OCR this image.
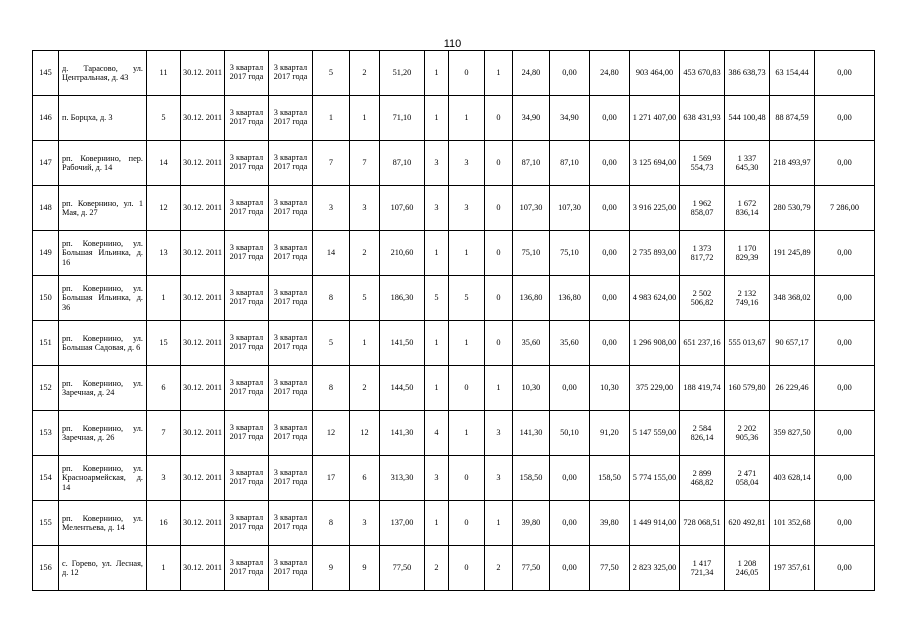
110
145	д. Тарасово, ул. Центральная, д. 43	11	30.12. 2011	3 квартал 2017 года	3 квартал 2017 года	5	2	51,20	1	0	1	24,80	0,00	24,80	903 464,00	453 670,83	386 638,73	63 154,44	0,00
146	п. Борцха, д. 3	5	30.12. 2011	3 квартал 2017 года	3 квартал 2017 года	1	1	71,10	1	1	0	34,90	34,90	0,00	1 271 407,00	638 431,93	544 100,48	88 874,59	0,00
147	рп. Ковернино, пер. Рабочий, д. 14	14	30.12. 2011	3 квартал 2017 года	3 квартал 2017 года	7	7	87,10	3	3	0	87,10	87,10	0,00	3 125 694,00	1 569 554,73	1 337 645,30	218 493,97	0,00
148	рп. Ковернино, ул. 1 Мая, д. 27	12	30.12. 2011	3 квартал 2017 года	3 квартал 2017 года	3	3	107,60	3	3	0	107,30	107,30	0,00	3 916 225,00	1 962 858,07	1 672 836,14	280 530,79	7 286,00
149	рп. Ковернино, ул. Большая Ильинка, д. 16	13	30.12. 2011	3 квартал 2017 года	3 квартал 2017 года	14	2	210,60	1	1	0	75,10	75,10	0,00	2 735 893,00	1 373 817,72	1 170 829,39	191 245,89	0,00
150	рп. Ковернино, ул. Большая Ильинка, д. 36	1	30.12. 2011	3 квартал 2017 года	3 квартал 2017 года	8	5	186,30	5	5	0	136,80	136,80	0,00	4 983 624,00	2 502 506,82	2 132 749,16	348 368,02	0,00
151	рп. Ковернино, ул. Большая Садовая, д. 6	15	30.12. 2011	3 квартал 2017 года	3 квартал 2017 года	5	1	141,50	1	1	0	35,60	35,60	0,00	1 296 908,00	651 237,16	555 013,67	90 657,17	0,00
152	рп. Ковернино, ул. Заречная, д. 24	6	30.12. 2011	3 квартал 2017 года	3 квартал 2017 года	8	2	144,50	1	0	1	10,30	0,00	10,30	375 229,00	188 419,74	160 579,80	26 229,46	0,00
153	рп. Ковернино, ул. Заречная, д. 26	7	30.12. 2011	3 квартал 2017 года	3 квартал 2017 года	12	12	141,30	4	1	3	141,30	50,10	91,20	5 147 559,00	2 584 826,14	2 202 905,36	359 827,50	0,00
154	рп. Ковернино, ул. Красноармейская, д. 14	3	30.12. 2011	3 квартал 2017 года	3 квартал 2017 года	17	6	313,30	3	0	3	158,50	0,00	158,50	5 774 155,00	2 899 468,82	2 471 058,04	403 628,14	0,00
155	рп. Ковернино, ул. Мелентьева, д. 14	16	30.12. 2011	3 квартал 2017 года	3 квартал 2017 года	8	3	137,00	1	0	1	39,80	0,00	39,80	1 449 914,00	728 068,51	620 492,81	101 352,68	0,00
156	с. Горево, ул. Лесная, д. 12	1	30.12. 2011	3 квартал 2017 года	3 квартал 2017 года	9	9	77,50	2	0	2	77,50	0,00	77,50	2 823 325,00	1 417 721,34	1 208 246,05	197 357,61	0,00
